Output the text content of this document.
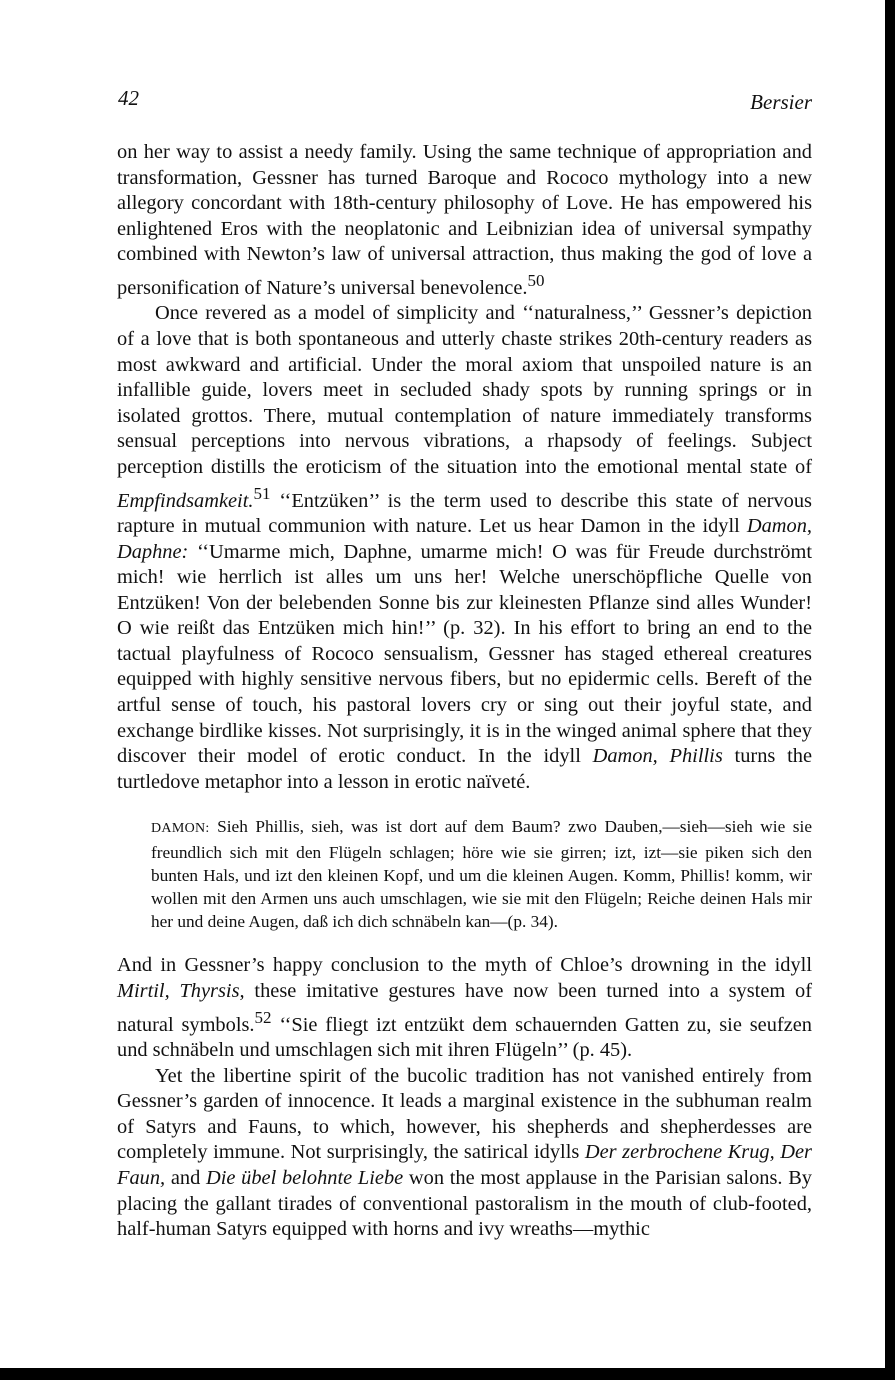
42	Bersier

on her way to assist a needy family. Using the same technique of appropriation and transformation, Gessner has turned Baroque and Rococo mythology into a new allegory concordant with 18th-century philosophy of Love. He has empowered his enlightened Eros with the neoplatonic and Leibnizian idea of universal sympathy combined with Newton’s law of universal attraction, thus making the god of love a personification of Nature’s universal benevolence.$^{50}$

Once revered as a model of simplicity and ‘‘naturalness,’’ Gessner’s depiction of a love that is both spontaneous and utterly chaste strikes 20th-century readers as most awkward and artificial. Under the moral axiom that unspoiled nature is an infallible guide, lovers meet in secluded shady spots by running springs or in isolated grottos. There, mutual contemplation of nature immediately transforms sensual perceptions into nervous vibrations, a rhapsody of feelings. Subject perception distills the eroticism of the situation into the emotional mental state of Empfindsamkeit.$^{51}$ ‘‘Entzüken’’ is the term used to describe this state of nervous rapture in mutual communion with nature. Let us hear Damon in the idyll Damon, Daphne: ‘‘Umarme mich, Daphne, umarme mich! O was für Freude durchströmt mich! wie herrlich ist alles um uns her! Welche unerschöpfliche Quelle von Entzüken! Von der belebenden Sonne bis zur kleinesten Pflanze sind alles Wunder! O wie reißt das Entzüken mich hin!’’ (p. 32). In his effort to bring an end to the tactual playfulness of Rococo sensualism, Gessner has staged ethereal creatures equipped with highly sensitive nervous fibers, but no epidermic cells. Bereft of the artful sense of touch, his pastoral lovers cry or sing out their joyful state, and exchange birdlike kisses. Not surprisingly, it is in the winged animal sphere that they discover their model of erotic conduct. In the idyll Damon, Phillis turns the turtledove metaphor into a lesson in erotic naïveté.

DAMON: Sieh Phillis, sieh, was ist dort auf dem Baum? zwo Dauben,—sieh—sieh wie sie freundlich sich mit den Flügeln schlagen; höre wie sie girren; izt, izt—sie piken sich den bunten Hals, und izt den kleinen Kopf, und um die kleinen Augen. Komm, Phillis! komm, wir wollen mit den Armen uns auch umschlagen, wie sie mit den Flügeln; Reiche deinen Hals mir her und deine Augen, daß ich dich schnäbeln kan—(p. 34).

And in Gessner’s happy conclusion to the myth of Chloe’s drowning in the idyll Mirtil, Thyrsis, these imitative gestures have now been turned into a system of natural symbols.$^{52}$ ‘‘Sie fliegt izt entzükt dem schauernden Gatten zu, sie seufzen und schnäbeln und umschlagen sich mit ihren Flügeln’’ (p. 45).

Yet the libertine spirit of the bucolic tradition has not vanished entirely from Gessner’s garden of innocence. It leads a marginal existence in the subhuman realm of Satyrs and Fauns, to which, however, his shepherds and shepherdesses are completely immune. Not surprisingly, the satirical idylls Der zerbrochene Krug, Der Faun, and Die übel belohnte Liebe won the most applause in the Parisian salons. By placing the gallant tirades of conventional pastoralism in the mouth of club-footed, half-human Satyrs equipped with horns and ivy wreaths—mythic
